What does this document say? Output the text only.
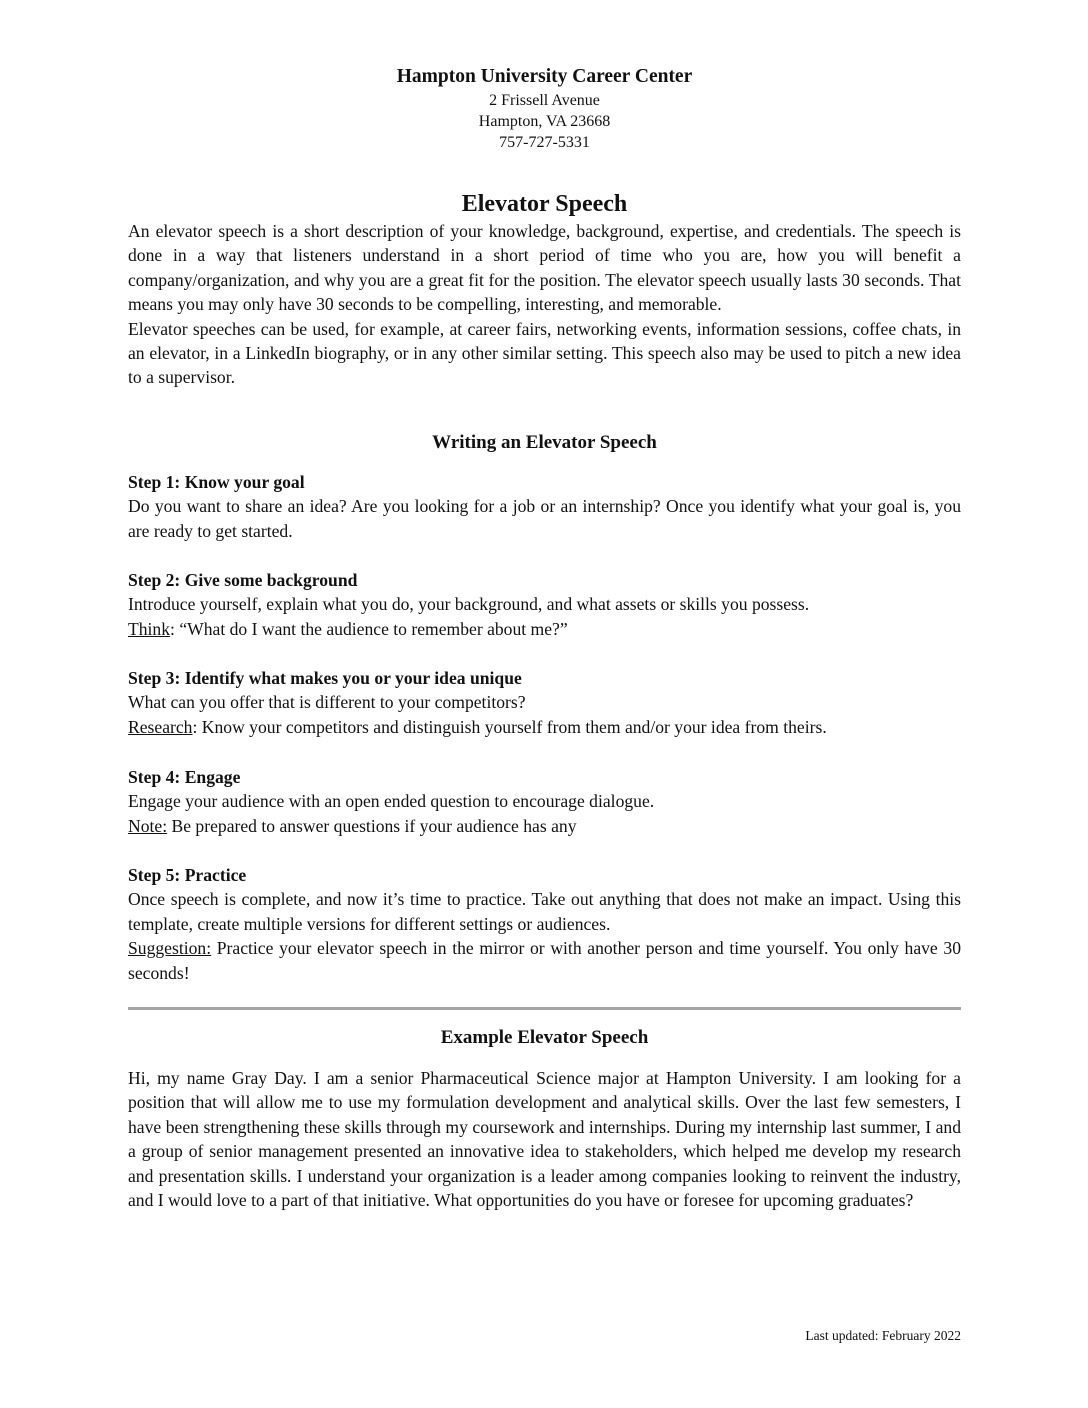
Hampton University Career Center

2 Frissell Avenue

Hampton, VA 23668

757-727-5331

Elevator Speech

An elevator speech is a short description of your knowledge, background, expertise, and credentials. The speech is done in a way that listeners understand in a short period of time who you are, how you will benefit a company/organization, and why you are a great fit for the position. The elevator speech usually lasts 30 seconds. That means you may only have 30 seconds to be compelling, interesting, and memorable.

Elevator speeches can be used, for example, at career fairs, networking events, information sessions, coffee chats, in an elevator, in a LinkedIn biography, or in any other similar setting. This speech also may be used to pitch a new idea to a supervisor.

Writing an Elevator Speech

Step 1: Know your goal

Do you want to share an idea? Are you looking for a job or an internship? Once you identify what your goal is, you are ready to get started.

Step 2: Give some background

Introduce yourself, explain what you do, your background, and what assets or skills you possess.

Think: “What do I want the audience to remember about me?”

Step 3: Identify what makes you or your idea unique

What can you offer that is different to your competitors?

Research: Know your competitors and distinguish yourself from them and/or your idea from theirs.

Step 4: Engage

Engage your audience with an open ended question to encourage dialogue.

Note: Be prepared to answer questions if your audience has any

Step 5: Practice

Once speech is complete, and now it’s time to practice. Take out anything that does not make an impact. Using this template, create multiple versions for different settings or audiences.

Suggestion: Practice your elevator speech in the mirror or with another person and time yourself. You only have 30 seconds!

Example Elevator Speech

Hi, my name Gray Day. I am a senior Pharmaceutical Science major at Hampton University. I am looking for a position that will allow me to use my formulation development and analytical skills. Over the last few semesters, I have been strengthening these skills through my coursework and internships. During my internship last summer, I and a group of senior management presented an innovative idea to stakeholders, which helped me develop my research and presentation skills. I understand your organization is a leader among companies looking to reinvent the industry, and I would love to a part of that initiative. What opportunities do you have or foresee for upcoming graduates?

Last updated: February 2022
